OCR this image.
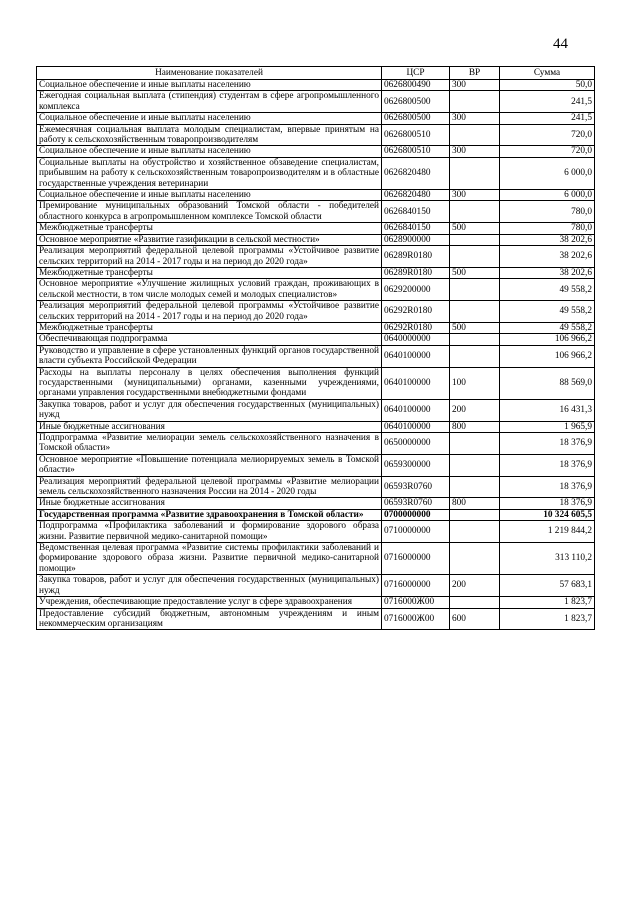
44
Наименование показателей	ЦСР	ВР	Сумма
Социальное обеспечение и иные выплаты населению	0626800490	300	50,0
Ежегодная социальная выплата (стипендия) студентам в сфере агропромышленного комплекса	0626800500		241,5
Социальное обеспечение и иные выплаты населению	0626800500	300	241,5
Ежемесячная социальная выплата молодым специалистам, впервые принятым на работу к сельскохозяйственным товаропроизводителям	0626800510		720,0
Социальное обеспечение и иные выплаты населению	0626800510	300	720,0
Социальные выплаты на обустройство и хозяйственное обзаведение специалистам, прибывшим на работу к сельскохозяйственным товаропроизводителям и в областные государственные учреждения ветеринарии	0626820480		6 000,0
Социальное обеспечение и иные выплаты населению	0626820480	300	6 000,0
Премирование муниципальных образований Томской области - победителей областного конкурса в агропромышленном комплексе Томской области	0626840150		780,0
Межбюджетные трансферты	0626840150	500	780,0
Основное мероприятие «Развитие газификации в сельской местности»	0628900000		38 202,6
Реализация мероприятий федеральной целевой программы «Устойчивое развитие сельских территорий на 2014 - 2017 годы и на период до 2020 года»	06289R0180		38 202,6
Межбюджетные трансферты	06289R0180	500	38 202,6
Основное мероприятие «Улучшение жилищных условий граждан, проживающих в сельской местности, в том числе молодых семей и молодых специалистов»	0629200000		49 558,2
Реализация мероприятий федеральной целевой программы «Устойчивое развитие сельских территорий на 2014 - 2017 годы и на период до 2020 года»	06292R0180		49 558,2
Межбюджетные трансферты	06292R0180	500	49 558,2
Обеспечивающая подпрограмма	0640000000		106 966,2
Руководство и управление в сфере установленных функций органов государственной власти субъекта Российской Федерации	0640100000		106 966,2
Расходы на выплаты персоналу в целях обеспечения выполнения функций государственными (муниципальными) органами, казенными учреждениями, органами управления государственными внебюджетными фондами	0640100000	100	88 569,0
Закупка товаров, работ и услуг для обеспечения государственных (муниципальных) нужд	0640100000	200	16 431,3
Иные бюджетные ассигнования	0640100000	800	1 965,9
Подпрограмма «Развитие мелиорации земель сельскохозяйственного назначения в Томской области»	0650000000		18 376,9
Основное мероприятие «Повышение потенциала мелиорируемых земель в Томской области»	0659300000		18 376,9
Реализация мероприятий федеральной целевой программы «Развитие мелиорации земель сельскохозяйственного назначения России на 2014 - 2020 годы	06593R0760		18 376,9
Иные бюджетные ассигнования	06593R0760	800	18 376,9
Государственная программа «Развитие здравоохранения в Томской области»	0700000000		10 324 605,5
Подпрограмма «Профилактика заболеваний и формирование здорового образа жизни. Развитие первичной медико-санитарной помощи»	0710000000		1 219 844,2
Ведомственная целевая программа «Развитие системы профилактики заболеваний и формирование здорового образа жизни. Развитие первичной медико-санитарной помощи»	0716000000		313 110,2
Закупка товаров, работ и услуг для обеспечения государственных (муниципальных) нужд	0716000000	200	57 683,1
Учреждения, обеспечивающие предоставление услуг в сфере здравоохранения	0716000Ж00		1 823,7
Предоставление субсидий бюджетным, автономным учреждениям и иным некоммерческим организациям	0716000Ж00	600	1 823,7
